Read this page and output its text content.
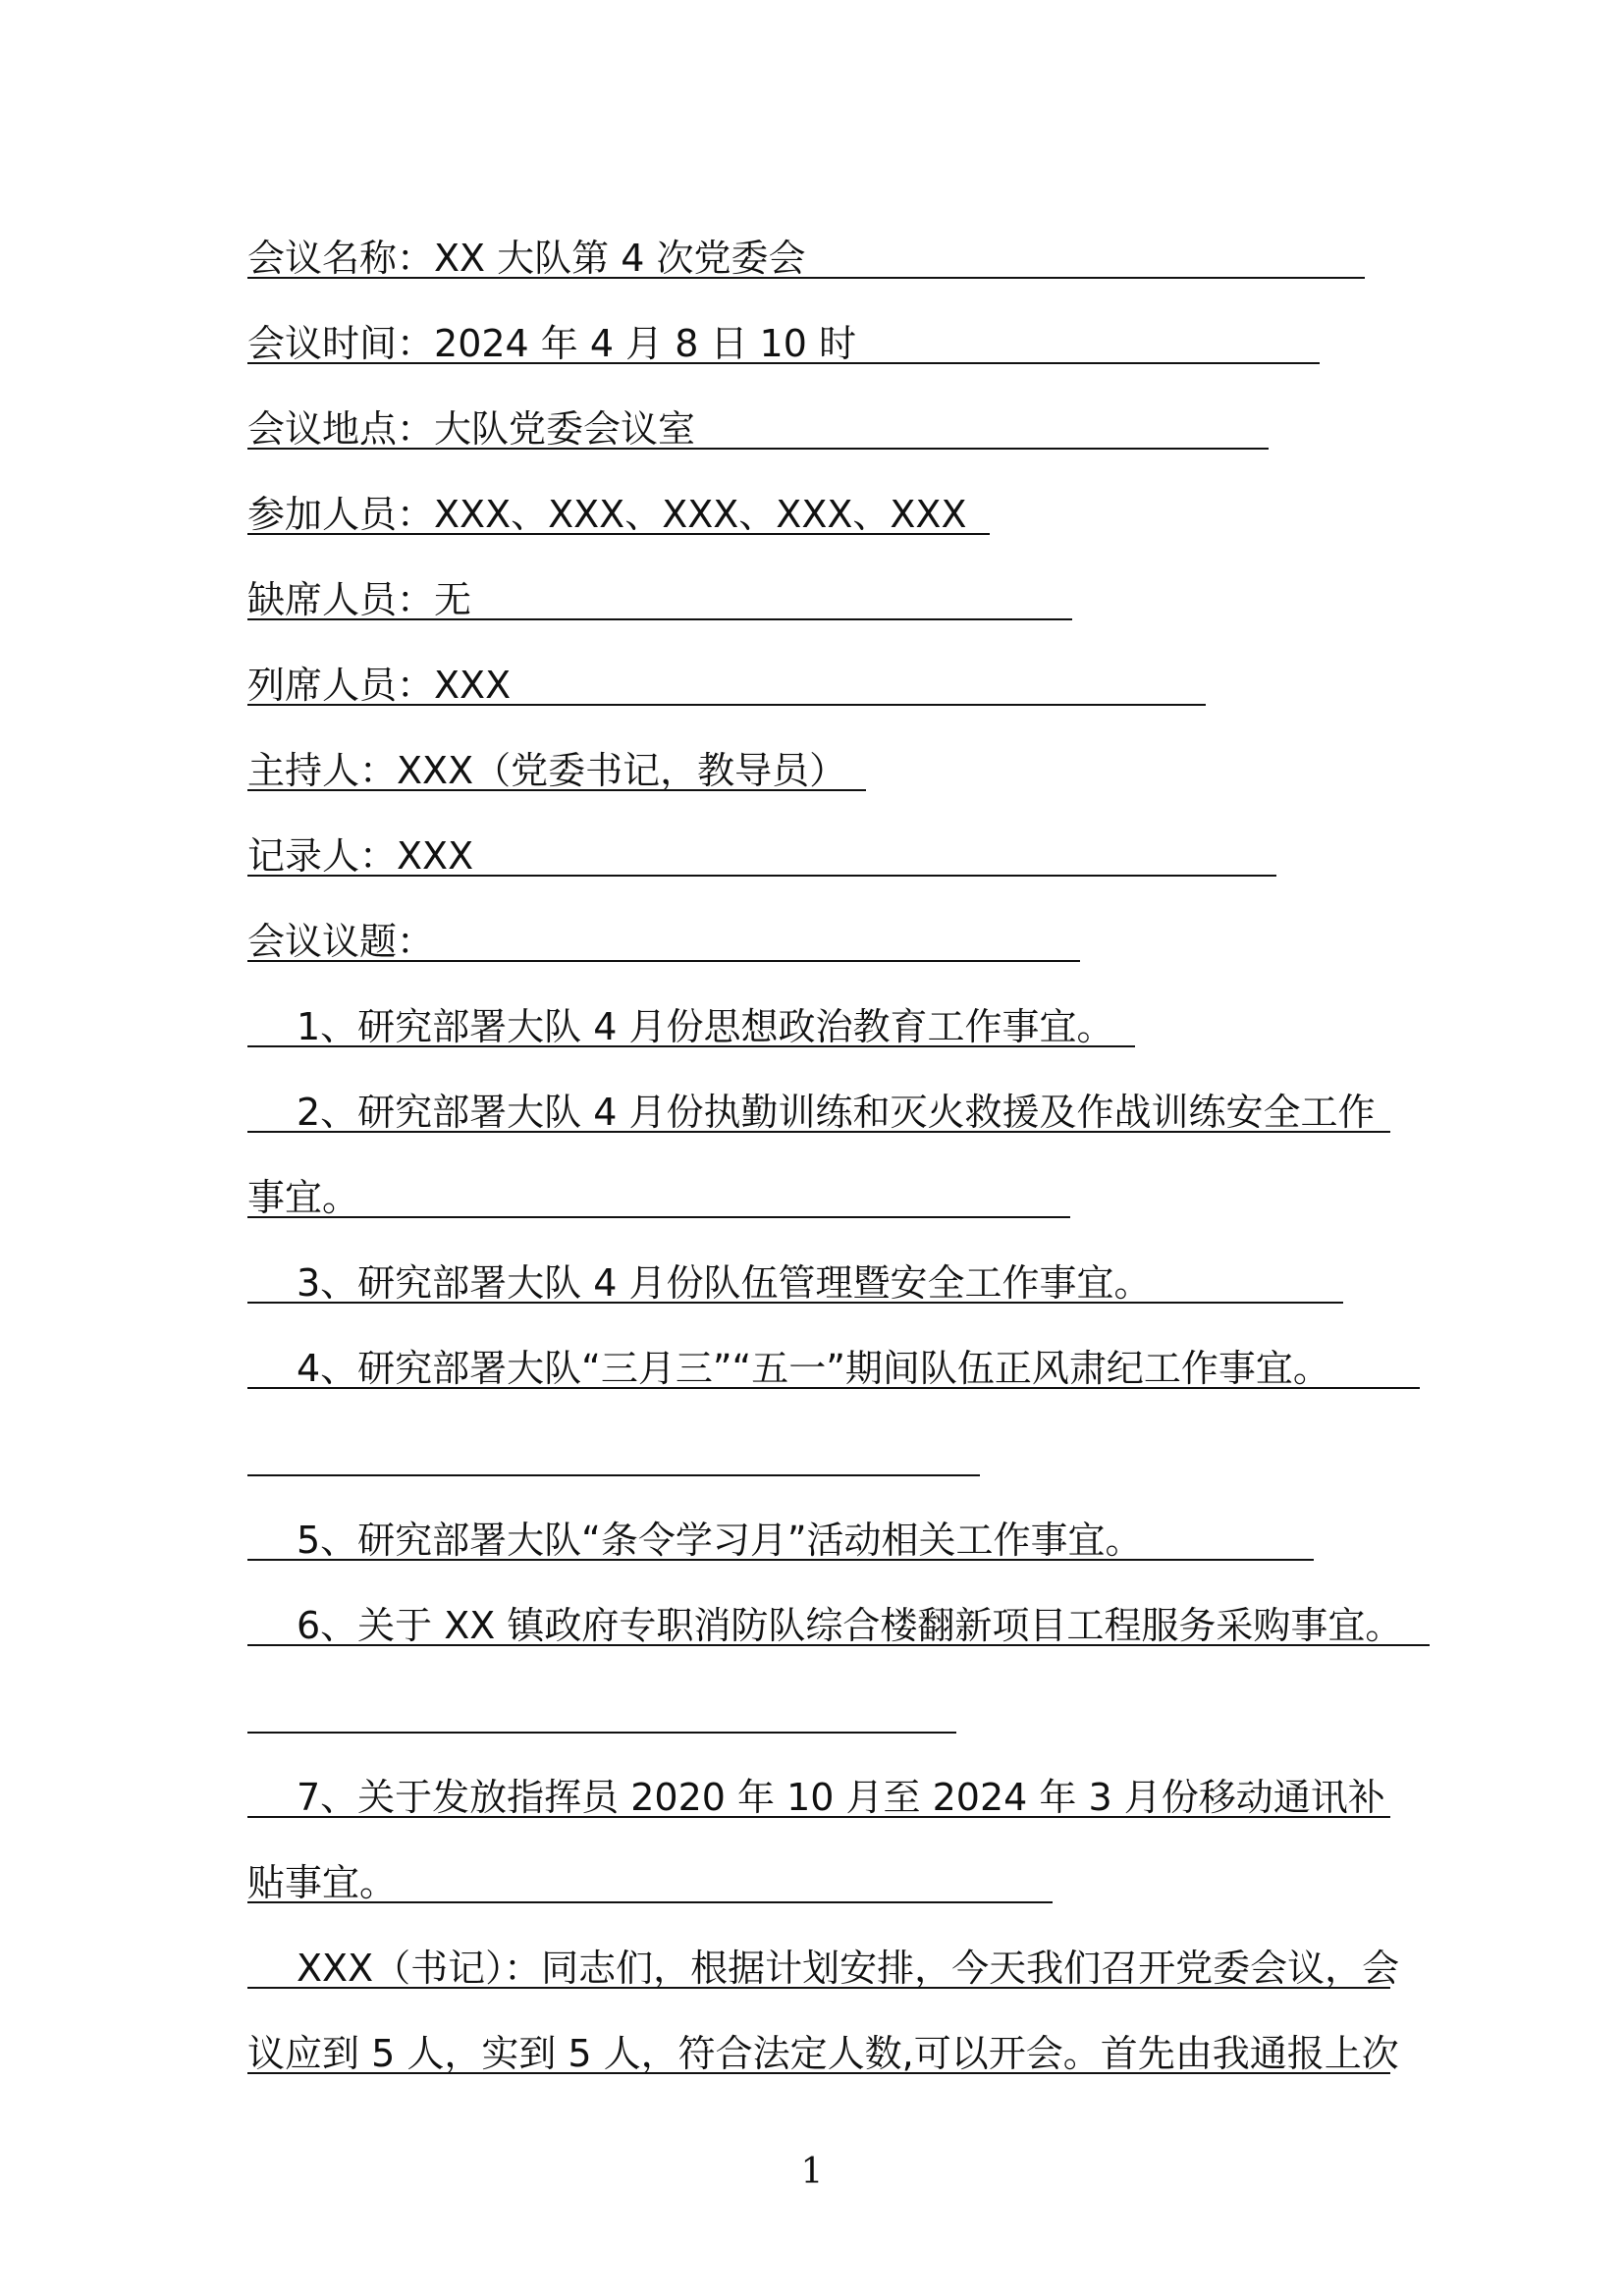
会议名称：XX 大队第 4 次党委会
会议时间：2024 年 4 月 8 日 10 时
会议地点：大队党委会议室
参加人员：XXX、XXX、XXX、XXX、XXX
缺席人员：无
列席人员：XXX
主持人：XXX（党委书记，教导员）
记录人：XXX
会议议题：
1、研究部署大队 4 月份思想政治教育工作事宜。
2、研究部署大队 4 月份执勤训练和灭火救援及作战训练安全工作
事宜。
3、研究部署大队 4 月份队伍管理暨安全工作事宜。
4、研究部署大队“三月三”“五一”期间队伍正风肃纪工作事宜。
5、研究部署大队“条令学习月”活动相关工作事宜。
6、关于 XX 镇政府专职消防队综合楼翻新项目工程服务采购事宜。
7、关于发放指挥员 2020 年 10 月至 2024 年 3 月份移动通讯补
贴事宜。
XXX（书记）：同志们，根据计划安排，今天我们召开党委会议，会
议应到 5 人，实到 5 人，符合法定人数,可以开会。首先由我通报上次
1
